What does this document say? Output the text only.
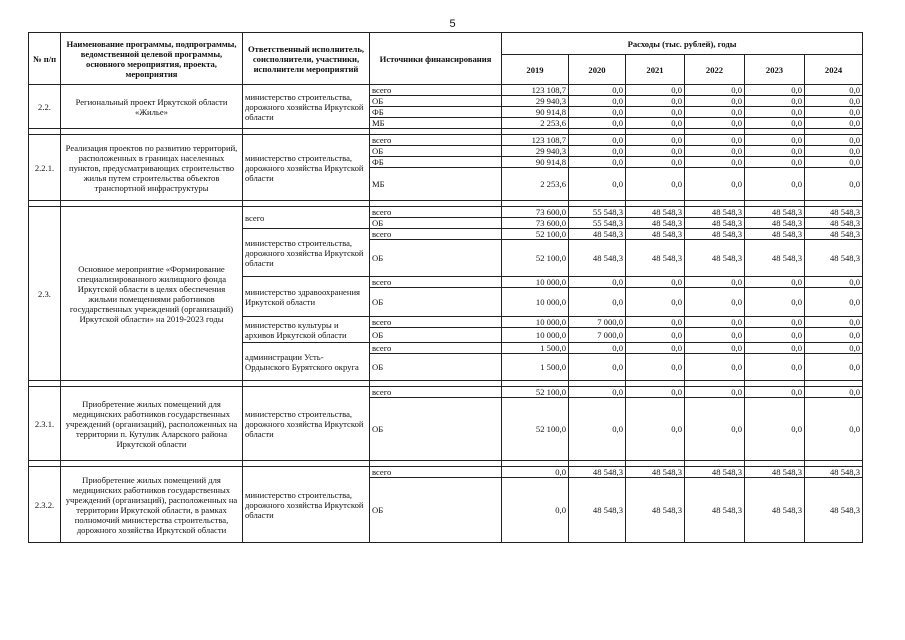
5
№ п/п	Наименование программы, подпрограммы, ведомственной целевой программы, основного мероприятия, проекта, мероприятия	Ответственный исполнитель, соисполнители, участники, исполнители мероприятий	Источники финансирования	Расходы (тыс. рублей), годы					
				2019	2020	2021	2022	2023	2024
2.2.	Региональный проект Иркутской области «Жилье»	министерство строительства, дорожного хозяйства Иркутской области	всего	123 108,7	0,0	0,0	0,0	0,0	0,0
			ОБ	29 940,3	0,0	0,0	0,0	0,0	0,0
			ФБ	90 914,8	0,0	0,0	0,0	0,0	0,0
			МБ	2 253,6	0,0	0,0	0,0	0,0	0,0

2.2.1.	Реализация проектов по развитию территорий, расположенных в границах населенных пунктов, предусматривающих строительство жилья путем строительства объектов транспортной инфраструктуры	министерство строительства, дорожного хозяйства Иркутской области	всего	123 108,7	0,0	0,0	0,0	0,0	0,0
			ОБ	29 940,3	0,0	0,0	0,0	0,0	0,0
			ФБ	90 914,8	0,0	0,0	0,0	0,0	0,0
			МБ	2 253,6	0,0	0,0	0,0	0,0	0,0

2.3.	Основное мероприятие «Формирование специализированного жилищного фонда Иркутской области в целях обеспечения жильми помещениями работников государственных учреждений (организаций) Иркутской области» на 2019-2023 годы	всего	всего	73 600,0	55 548,3	48 548,3	48 548,3	48 548,3	48 548,3
			ОБ	73 600,0	55 548,3	48 548,3	48 548,3	48 548,3	48 548,3
		министерство строительства, дорожного хозяйства Иркутской области	всего	52 100,0	48 548,3	48 548,3	48 548,3	48 548,3	48 548,3
			ОБ	52 100,0	48 548,3	48 548,3	48 548,3	48 548,3	48 548,3
		министерство здравоохранения Иркутской области	всего	10 000,0	0,0	0,0	0,0	0,0	0,0
			ОБ	10 000,0	0,0	0,0	0,0	0,0	0,0
		министерство культуры и архивов Иркутской области	всего	10 000,0	7 000,0	0,0	0,0	0,0	0,0
			ОБ	10 000,0	7 000,0	0,0	0,0	0,0	0,0
		администрации Усть-Ордынского Бурятского округа	всего	1 500,0	0,0	0,0	0,0	0,0	0,0
			ОБ	1 500,0	0,0	0,0	0,0	0,0	0,0

2.3.1.	Приобретение жилых помещений для медицинских работников государственных учреждений (организаций), расположенных на территории п. Кутулик Аларского района Иркутской области	министерство строительства, дорожного хозяйства Иркутской области	всего	52 100,0	0,0	0,0	0,0	0,0	0,0
			ОБ	52 100,0	0,0	0,0	0,0	0,0	0,0

2.3.2.	Приобретение жилых помещений для медицинских работников государственных учреждений (организаций), расположенных на территории Иркутской области, в рамках полномочий министерства строительства, дорожного хозяйства Иркутской области	министерство строительства, дорожного хозяйства Иркутской области	всего	0,0	48 548,3	48 548,3	48 548,3	48 548,3	48 548,3
			ОБ	0,0	48 548,3	48 548,3	48 548,3	48 548,3	48 548,3
